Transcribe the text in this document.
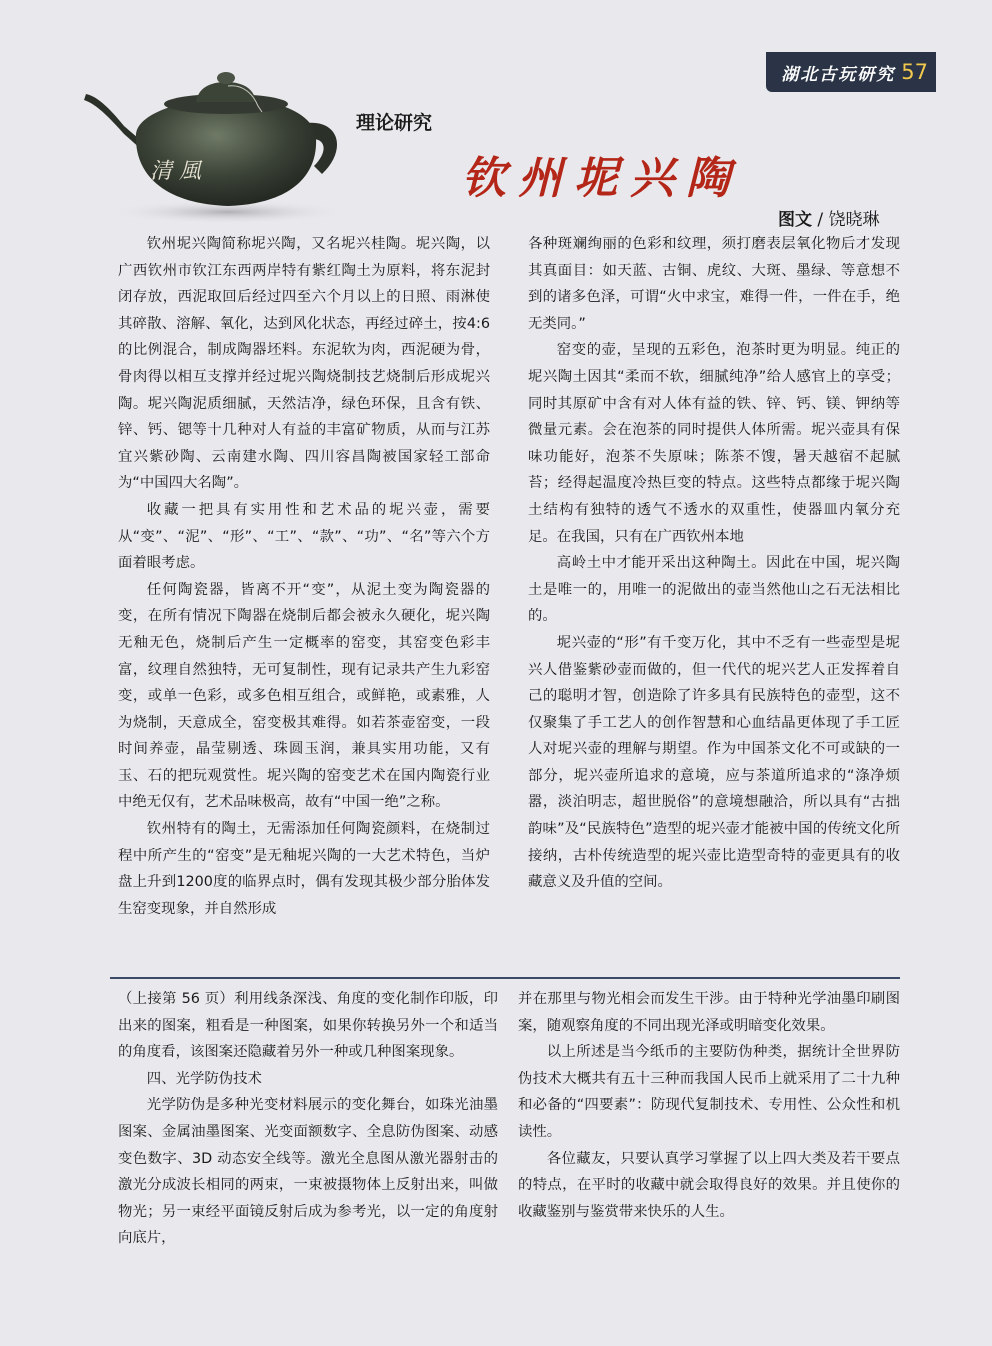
湖北古玩研究 57
清 風
理论研究
钦州坭兴陶
图文 / 饶晓琳

钦州坭兴陶简称坭兴陶，又名坭兴桂陶。坭兴陶，以广西钦州市钦江东西两岸特有紫红陶土为原料，将东泥封闭存放，西泥取回后经过四至六个月以上的日照、雨淋使其碎散、溶解、氧化，达到风化状态，再经过碎土，按4:6的比例混合，制成陶器坯料。东泥软为肉，西泥硬为骨，骨肉得以相互支撑并经过坭兴陶烧制技艺烧制后形成坭兴陶。坭兴陶泥质细腻，天然洁净，绿色环保，且含有铁、锌、钙、锶等十几种对人有益的丰富矿物质，从而与江苏宜兴紫砂陶、云南建水陶、四川容昌陶被国家轻工部命为“中国四大名陶”。

收藏一把具有实用性和艺术品的坭兴壶，需要从“变”、“泥”、“形”、“工”、“款”、“功”、“名”等六个方面着眼考虑。

任何陶瓷器，皆离不开“变”，从泥土变为陶瓷器的变，在所有情况下陶器在烧制后都会被永久硬化，坭兴陶无釉无色，烧制后产生一定概率的窑变，其窑变色彩丰富，纹理自然独特，无可复制性，现有记录共产生九彩窑变，或单一色彩，或多色相互组合，或鲜艳，或素雅，人为烧制，天意成全，窑变极其难得。如若茶壶窑变，一段时间养壶，晶莹剔透、珠圆玉润，兼具实用功能，又有玉、石的把玩观赏性。坭兴陶的窑变艺术在国内陶瓷行业中绝无仅有，艺术品味极高，故有“中国一绝”之称。

钦州特有的陶土，无需添加任何陶瓷颜料，在烧制过程中所产生的“窑变”是无釉坭兴陶的一大艺术特色，当炉盘上升到1200度的临界点时，偶有发现其极少部分胎体发生窑变现象，并自然形成

各种斑斓绚丽的色彩和纹理，须打磨表层氧化物后才发现其真面目：如天蓝、古铜、虎纹、大斑、墨绿、等意想不到的诸多色泽，可谓“火中求宝，难得一件，一件在手，绝无类同。”

窑变的壶，呈现的五彩色，泡茶时更为明显。纯正的坭兴陶土因其“柔而不软，细腻纯净”给人感官上的享受；同时其原矿中含有对人体有益的铁、锌、钙、镁、钾纳等微量元素。会在泡茶的同时提供人体所需。坭兴壶具有保味功能好，泡茶不失原味；陈茶不馊，暑天越宿不起腻苔；经得起温度冷热巨变的特点。这些特点都缘于坭兴陶土结构有独特的透气不透水的双重性，使器皿内氧分充足。在我国，只有在广西钦州本地

高岭土中才能开采出这种陶土。因此在中国，坭兴陶土是唯一的，用唯一的泥做出的壶当然他山之石无法相比的。

坭兴壶的“形”有千变万化，其中不乏有一些壶型是坭兴人借鉴紫砂壶而做的，但一代代的坭兴艺人正发挥着自己的聪明才智，创造除了许多具有民族特色的壶型，这不仅聚集了手工艺人的创作智慧和心血结晶更体现了手工匠人对坭兴壶的理解与期望。作为中国茶文化不可或缺的一部分，坭兴壶所追求的意境，应与茶道所追求的“涤净烦嚣，淡泊明志，超世脱俗”的意境想融洽，所以具有“古拙韵味”及“民族特色”造型的坭兴壶才能被中国的传统文化所接纳，古朴传统造型的坭兴壶比造型奇特的壶更具有的收藏意义及升值的空间。

（上接第 56 页）利用线条深浅、角度的变化制作印版，印出来的图案，粗看是一种图案，如果你转换另外一个和适当的角度看，该图案还隐藏着另外一种或几种图案现象。

四、光学防伪技术

光学防伪是多种光变材料展示的变化舞台，如珠光油墨图案、金属油墨图案、光变面额数字、全息防伪图案、动感变色数字、3D 动态安全线等。激光全息图从激光器射击的激光分成波长相同的两束，一束被摄物体上反射出来，叫做物光；另一束经平面镜反射后成为参考光，以一定的角度射向底片，

并在那里与物光相会而发生干涉。由于特种光学油墨印刷图案，随观察角度的不同出现光泽或明暗变化效果。

以上所述是当今纸币的主要防伪种类，据统计全世界防伪技术大概共有五十三种而我国人民币上就采用了二十九种和必备的“四要素”：防现代复制技术、专用性、公众性和机读性。

各位藏友，只要认真学习掌握了以上四大类及若干要点的特点，在平时的收藏中就会取得良好的效果。并且使你的收藏鉴别与鉴赏带来快乐的人生。
